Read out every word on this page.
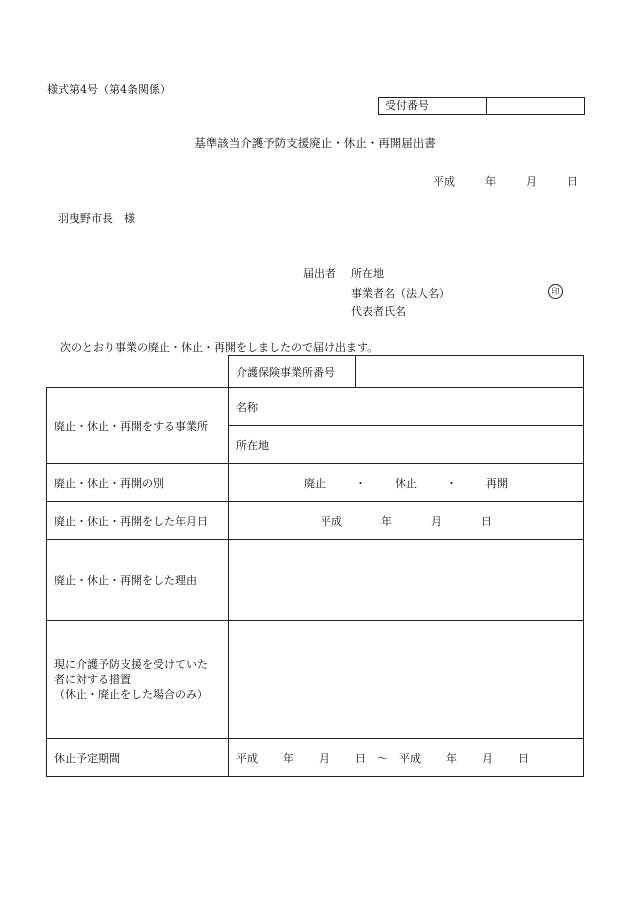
様式第4号（第4条関係）
受付番号
基準該当介護予防支援廃止・休止・再開届出書
平成	年	月	日
羽曳野市長　様
届出者 所在地
事業者名（法人名）	印
代表者氏名
次のとおり事業の廃止・休止・再開をしましたので届け出ます。
	介護保険事業所番号	
廃止・休止・再開をする事業所	名称	
	所在地	
廃止・休止・再開の別	廃止 ・ 休止 ・ 再開	
廃止・休止・再開をした年月日	平成 年 月 日	
廃止・休止・再開をした理由		

現に介護予防支援を受けていた
者に対する措置
（休止・廃止をした場合のみ）		

休止予定期間	平成 年 月 日 ～ 平成 年 月 日	
